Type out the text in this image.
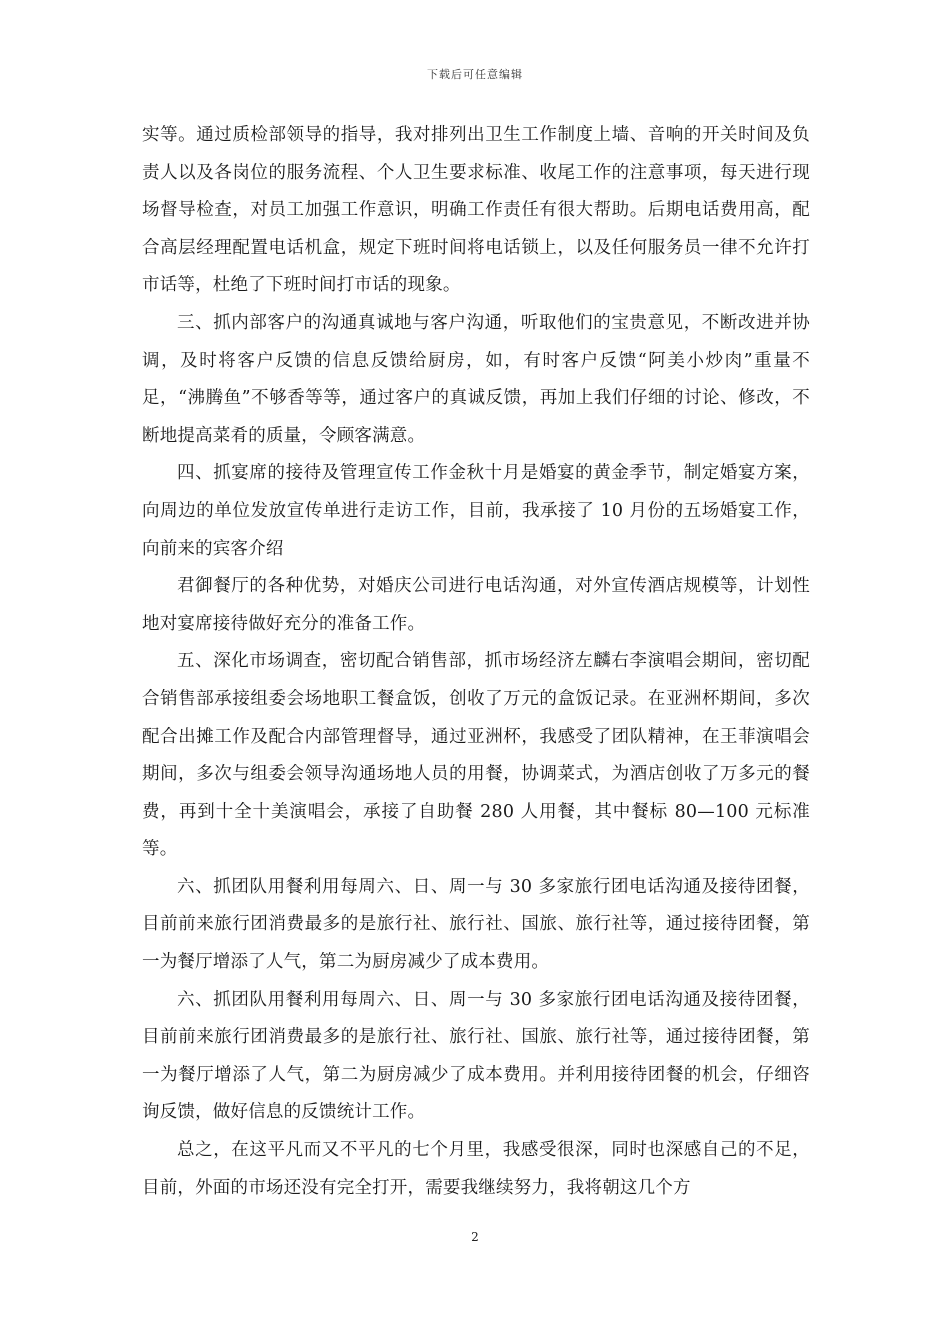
下载后可任意编辑

实等。通过质检部领导的指导，我对排列出卫生工作制度上墙、音响的开关时间及负责人以及各岗位的服务流程、个人卫生要求标准、收尾工作的注意事项，每天进行现场督导检查，对员工加强工作意识，明确工作责任有很大帮助。后期电话费用高，配合高层经理配置电话机盒，规定下班时间将电话锁上，以及任何服务员一律不允许打市话等，杜绝了下班时间打市话的现象。

三、抓内部客户的沟通真诚地与客户沟通，听取他们的宝贵意见，不断改进并协调，及时将客户反馈的信息反馈给厨房，如，有时客户反馈“阿美小炒肉”重量不足，“沸腾鱼”不够香等等，通过客户的真诚反馈，再加上我们仔细的讨论、修改，不断地提高菜肴的质量，令顾客满意。

四、抓宴席的接待及管理宣传工作金秋十月是婚宴的黄金季节，制定婚宴方案，向周边的单位发放宣传单进行走访工作，目前，我承接了 10 月份的五场婚宴工作，向前来的宾客介绍

君御餐厅的各种优势，对婚庆公司进行电话沟通，对外宣传酒店规模等，计划性地对宴席接待做好充分的准备工作。

五、深化市场调查，密切配合销售部，抓市场经济左麟右李演唱会期间，密切配合销售部承接组委会场地职工餐盒饭，创收了万元的盒饭记录。在亚洲杯期间，多次配合出摊工作及配合内部管理督导，通过亚洲杯，我感受了团队精神，在王菲演唱会期间，多次与组委会领导沟通场地人员的用餐，协调菜式，为酒店创收了万多元的餐费，再到十全十美演唱会，承接了自助餐 280 人用餐，其中餐标 80—100 元标准等。

六、抓团队用餐利用每周六、日、周一与 30 多家旅行团电话沟通及接待团餐，目前前来旅行团消费最多的是旅行社、旅行社、国旅、旅行社等，通过接待团餐，第一为餐厅增添了人气，第二为厨房减少了成本费用。

六、抓团队用餐利用每周六、日、周一与 30 多家旅行团电话沟通及接待团餐，目前前来旅行团消费最多的是旅行社、旅行社、国旅、旅行社等，通过接待团餐，第一为餐厅增添了人气，第二为厨房减少了成本费用。并利用接待团餐的机会，仔细咨询反馈，做好信息的反馈统计工作。

总之，在这平凡而又不平凡的七个月里，我感受很深，同时也深感自己的不足，目前，外面的市场还没有完全打开，需要我继续努力，我将朝这几个方

2
